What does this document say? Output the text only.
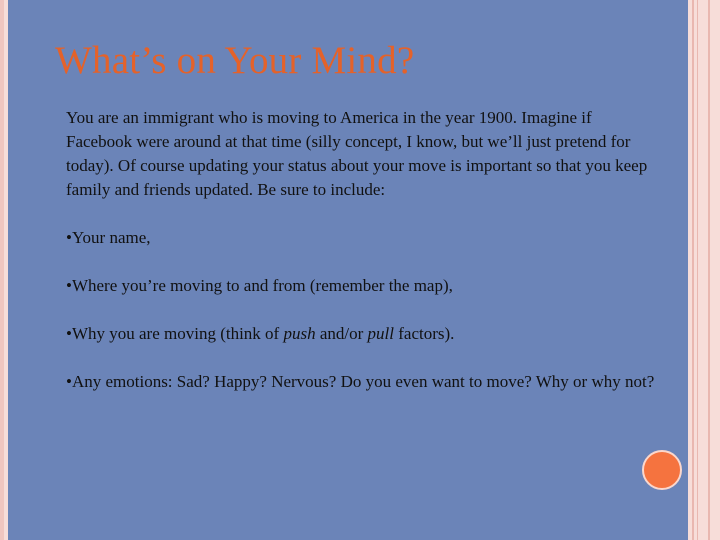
What’s on Your Mind?

You are an immigrant who is moving to America in the year 1900. Imagine if Facebook were around at that time (silly concept, I know, but we’ll just pretend for today). Of course updating your status about your move is important so that you keep family and friends updated. Be sure to include:

•Your name,

•Where you’re moving to and from (remember the map),

•Why you are moving (think of push and/or pull factors).

•Any emotions: Sad? Happy? Nervous? Do you even want to move? Why or why not?
